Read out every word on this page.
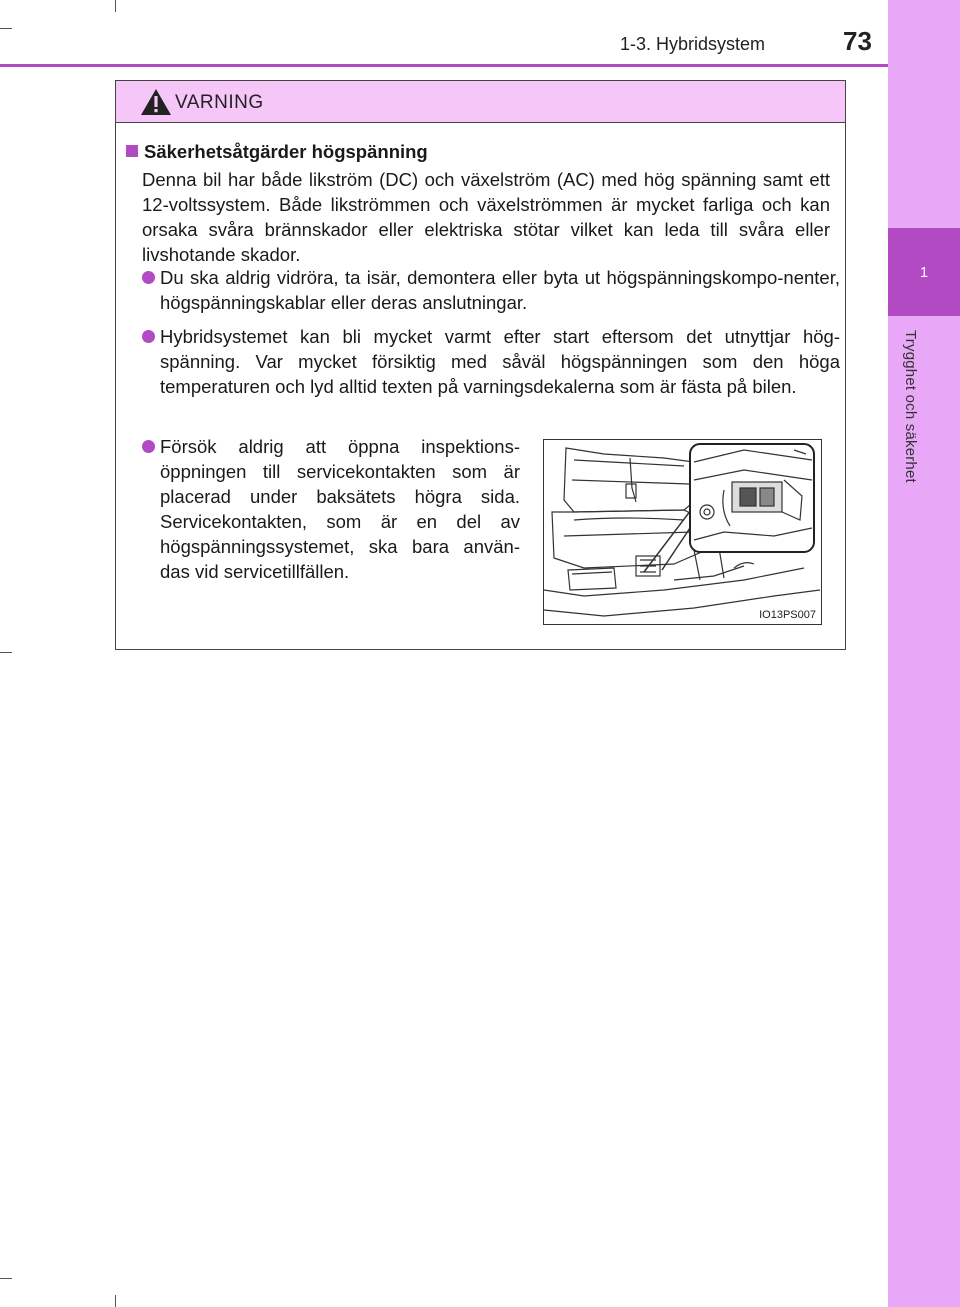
1-3. Hybridsystem	73
1
Trygghet och säkerhet
VARNING
Säkerhetsåtgärder högspänning
Denna bil har både likström (DC) och växelström (AC) med hög spänning samt ett 12-voltssystem. Både likströmmen och växelströmmen är mycket farliga och kan orsaka svåra brännskador eller elektriska stötar vilket kan leda till svåra eller livshotande skador.
Du ska aldrig vidröra, ta isär, demontera eller byta ut högspänningskompo-nenter, högspänningskablar eller deras anslutningar.
Hybridsystemet kan bli mycket varmt efter start eftersom det utnyttjar hög-spänning. Var mycket försiktig med såväl högspänningen som den höga temperaturen och lyd alltid texten på varningsdekalerna som är fästa på bilen.
Försök aldrig att öppna inspektions-öppningen till servicekontakten som är placerad under baksätets högra sida. Servicekontakten, som är en del av högspänningssystemet, ska bara använ-das vid servicetillfällen.
IO13PS007
